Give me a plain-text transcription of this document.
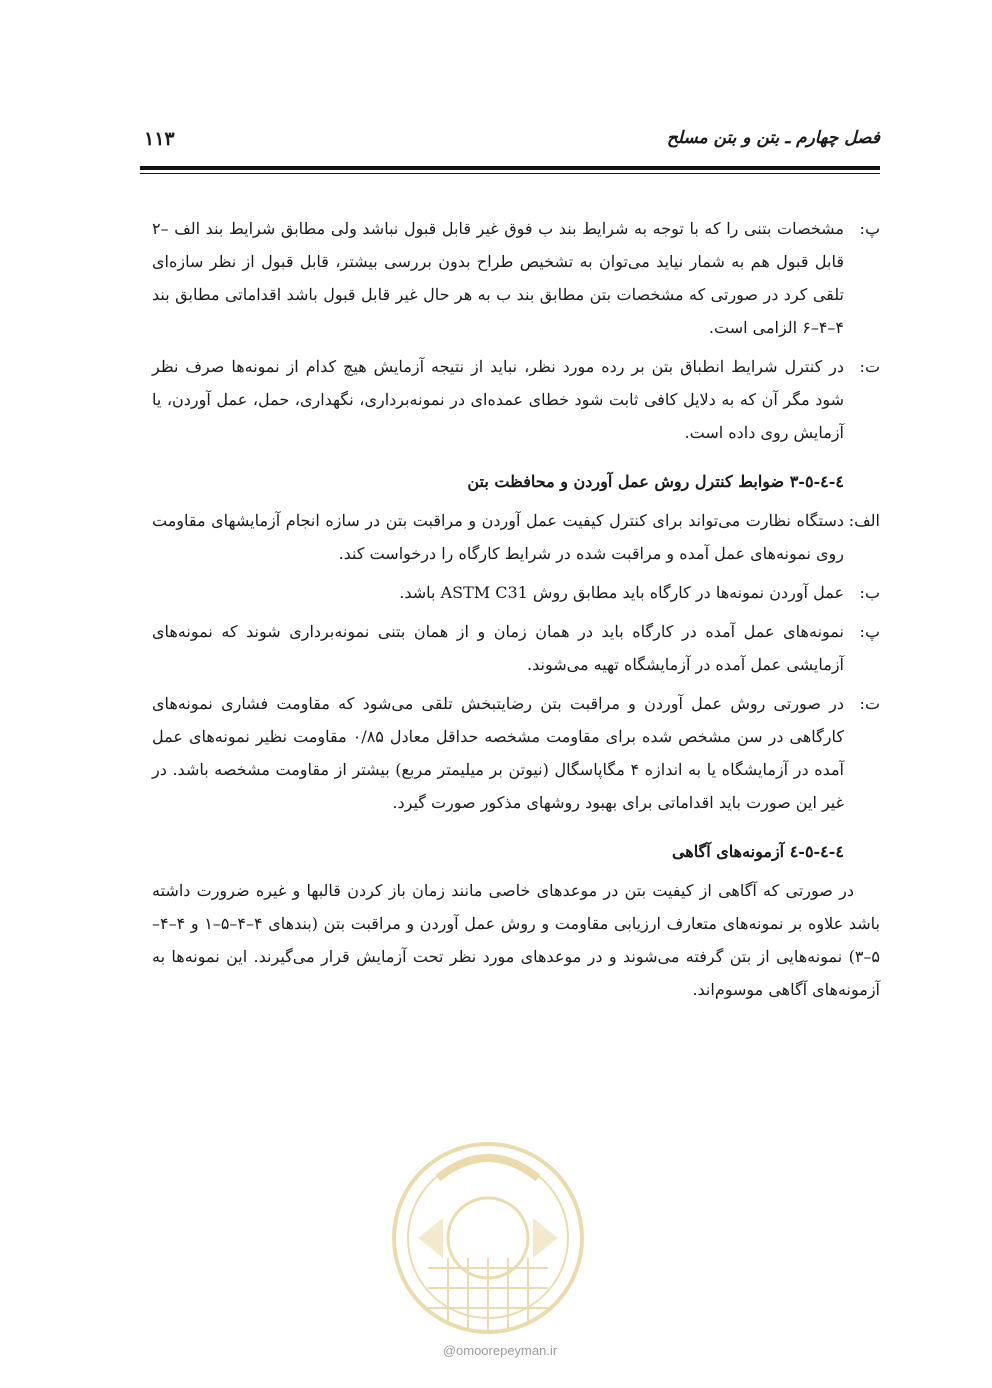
فصل چهارم ـ بتن و بتن مسلح
۱۱۳
پ:
مشخصات بتنی را که با توجه به شرایط بند ب فوق غیر قابل قبول نباشد ولی مطابق شرایط بند الف –۲ قابل قبول هم به شمار نیاید می‌توان به تشخیص طراح بدون بررسی بیشتر، قابل قبول از نظر سازه‌ای تلقی کرد در صورتی که مشخصات بتن مطابق بند ب به هر حال غیر قابل قبول باشد اقداماتی مطابق بند ۴–۴–۶ الزامی است.
ت:
در کنترل شرایط انطباق بتن بر رده مورد نظر، نباید از نتیجه آزمایش هیچ کدام از نمونه‌ها صرف نظر شود مگر آن که به دلایل کافی ثابت شود خطای عمده‌ای در نمونه‌برداری، نگهداری، حمل، عمل آوردن، یا آزمایش روی داده است.
٤-٤-٥-٣ ضوابط کنترل روش عمل آوردن و محافظت بتن
الف:
دستگاه نظارت می‌تواند برای کنترل کیفیت عمل آوردن و مراقبت بتن در سازه انجام آزمایشهای مقاومت روی نمونه‌های عمل آمده و مراقبت شده در شرایط کارگاه را درخواست کند.
ب:
عمل آوردن نمونه‌ها در کارگاه باید مطابق روش ASTM C31 باشد.
پ:
نمونه‌های عمل آمده در کارگاه باید در همان زمان و از همان بتنی نمونه‌برداری شوند که نمونه‌های آزمایشی عمل آمده در آزمایشگاه تهیه می‌شوند.
ت:
در صورتی روش عمل آوردن و مراقبت بتن رضایتبخش تلقی می‌شود که مقاومت فشاری نمونه‌های کارگاهی در سن مشخص شده برای مقاومت مشخصه حداقل معادل ۰/۸۵ مقاومت نظیر نمونه‌های عمل آمده در آزمایشگاه یا به اندازه ۴ مگاپاسگال (نیوتن بر میلیمتر مربع) بیشتر از مقاومت مشخصه باشد. در غیر این صورت باید اقداماتی برای بهبود روشهای مذکور صورت گیرد.
٤-٤-٥-٤ آزمونه‌های آگاهی
در صورتی که آگاهی از کیفیت بتن در موعدهای خاصی مانند زمان باز کردن قالبها و غیره ضرورت داشته باشد علاوه بر نمونه‌های متعارف ارزیابی مقاومت و روش عمل آوردن و مراقبت بتن (بندهای ۴–۴–۵–۱ و ۴–۴–۵–۳) نمونه‌هایی از بتن گرفته می‌شوند و در موعدهای مورد نظر تحت آزمایش قرار می‌گیرند. این نمونه‌ها به آزمونه‌های آگاهی موسوم‌اند.
@omoorepeyman.ir
